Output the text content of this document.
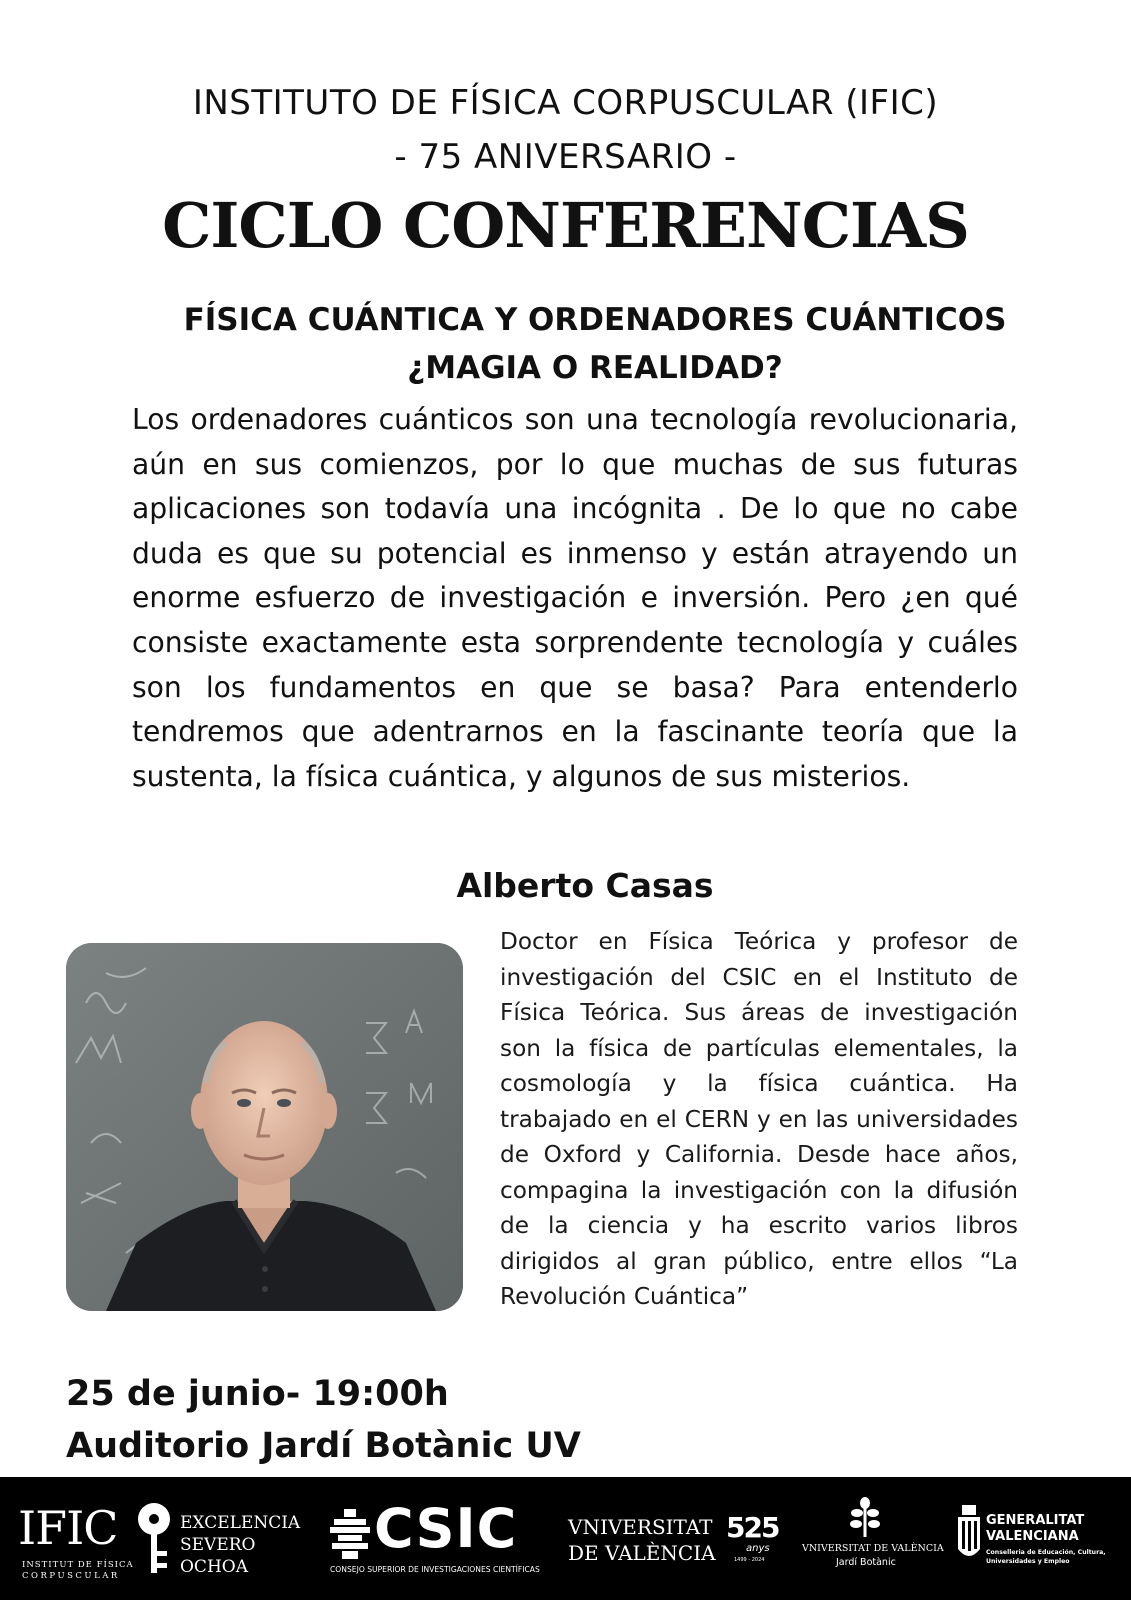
INSTITUTO DE FÍSICA CORPUSCULAR (IFIC)
- 75 ANIVERSARIO -
CICLO CONFERENCIAS
FÍSICA CUÁNTICA Y ORDENADORES CUÁNTICOS
¿MAGIA O REALIDAD?

Los ordenadores cuánticos son una tecnología revolucionaria, aún en sus comienzos, por lo que muchas de sus futuras aplicaciones son todavía una incógnita . De lo que no cabe duda es que su potencial es inmenso y están atrayendo un enorme esfuerzo de investigación e inversión. Pero ¿en qué consiste exactamente esta sorprendente tecnología y cuáles son los fundamentos en que se basa? Para entenderlo tendremos que adentrarnos en la fascinante teoría que la sustenta, la física cuántica, y algunos de sus misterios.

Alberto Casas

Doctor en Física Teórica y profesor de investigación del CSIC en el Instituto de Física Teórica. Sus áreas de investigación son la física de partículas elementales, la cosmología y la física cuántica. Ha trabajado en el CERN y en las universidades de Oxford y California. Desde hace años, compagina la investigación con la difusión de la ciencia y ha escrito varios libros dirigidos al gran público, entre ellos “La Revolución Cuántica”

25 de junio- 19:00h
Auditorio Jardí Botànic UV
IFIC
INSTITUT DE FÍSICA
CORPUSCULAR
EXCELENCIA
SEVERO
OCHOA
CSIC
CONSEJO SUPERIOR DE INVESTIGACIONES CIENTÍFICAS
VNIVERSITAT
DE VALÈNCIA
525
anys
1499 - 2024
VNIVERSITAT DE VALÈNCIA
Jardí Botànic
GENERALITAT
VALENCIANA
Conselleria de Educación, Cultura,
Universidades y Empleo
